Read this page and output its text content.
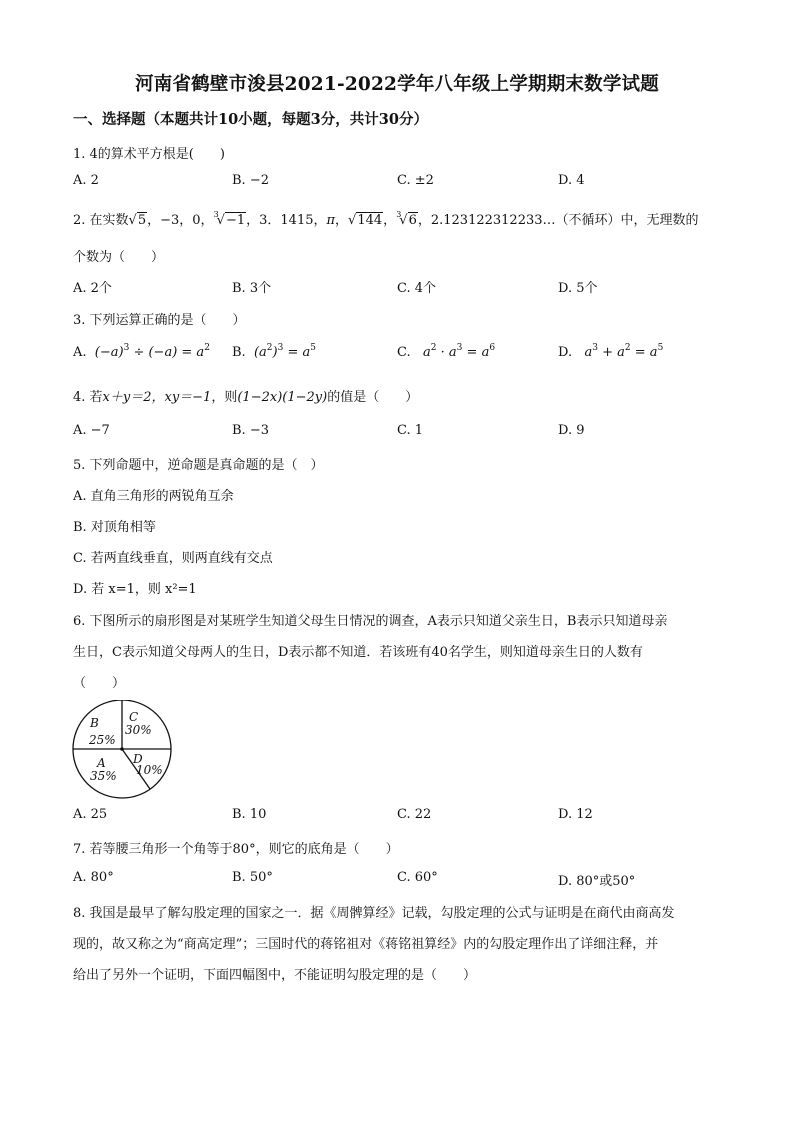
河南省鹤壁市浚县2021-2022学年八年级上学期期末数学试题
一、选择题（本题共计10小题，每题3分，共计30分）
1. 4的算术平方根是(　　)
A. 2	B. −2	C. ±2	D. 4
2. 在实数√5，−3，0，$^3$√−1，3．1415，π，√144，$^3$√6，2.123122312233…（不循环）中，无理数的
个数为（　　）
A. 2个	B. 3个	C. 4个	D. 5个
3. 下列运算正确的是（　　）
A.  $(-a)^3 \div (-a) = a^2$ B.  $(a^2)^3 = a^5$	C.   $a^2 \cdot a^3 = a^6$	D.   $a^3 + a^2 = a^5$
4. 若x＋y＝2，xy＝−1，则(1−2x)(1−2y)的值是（　　）
A. −7	B. −3	C. 1	D. 9
5. 下列命题中，逆命题是真命题的是（　）
A. 直角三角形的两锐角互余
B. 对顶角相等
C. 若两直线垂直，则两直线有交点
D. 若 x=1，则 x²=1
6. 下图所示的扇形图是对某班学生知道父母生日情况的调查，A表示只知道父亲生日，B表示只知道母亲
生日，C表示知道父母两人的生日，D表示都不知道．若该班有40名学生，则知道母亲生日的人数有
（　　）
B
25%
C
30%
D
10%
A
35%
A. 25	B. 10	C. 22	D. 12
7. 若等腰三角形一个角等于80°，则它的底角是（　　）
A. 80°	B. 50°	C. 60°	D. 80°或50°
8. 我国是最早了解勾股定理的国家之一．据《周髀算经》记载，勾股定理的公式与证明是在商代由商高发
现的，故又称之为“商高定理”；三国时代的蒋铭祖对《蒋铭祖算经》内的勾股定理作出了详细注释，并
给出了另外一个证明，下面四幅图中，不能证明勾股定理的是（　　）
